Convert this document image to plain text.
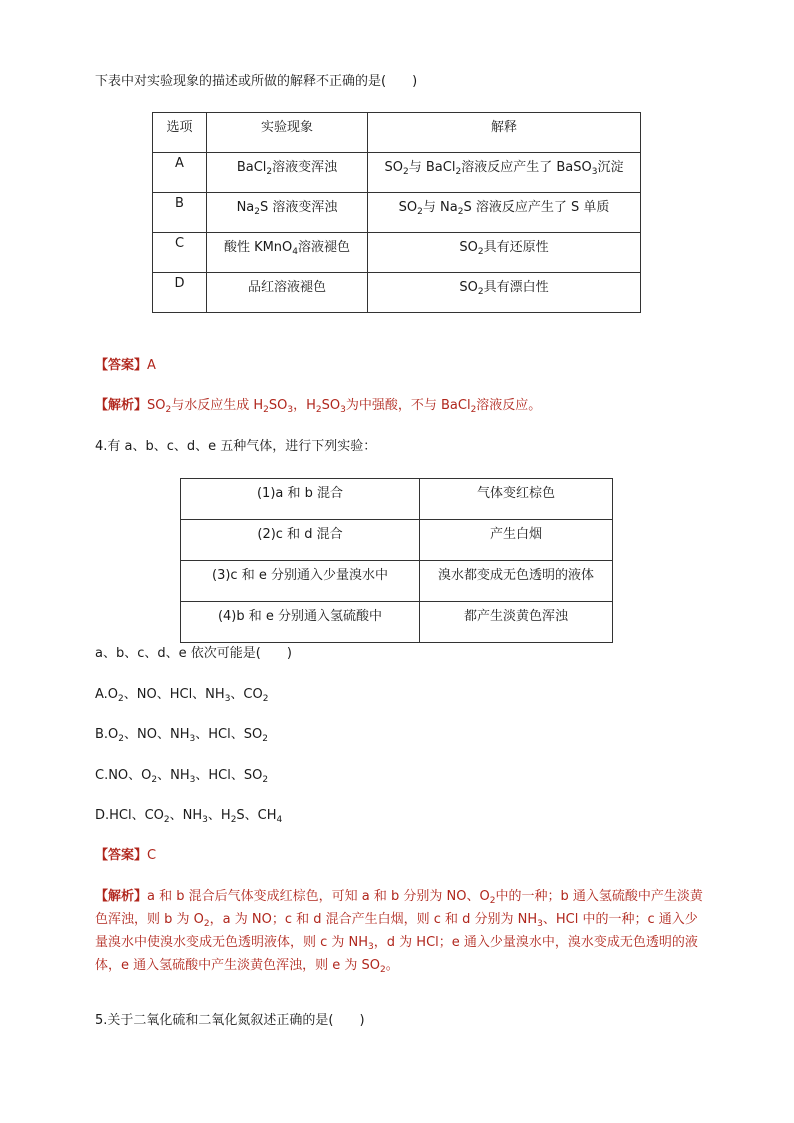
下表中对实验现象的描述或所做的解释不正确的是(　　)
选项	实验现象	解释
A	BaCl$_2$溶液变浑浊	$SO_2$与 BaCl$_2$溶液反应产生了 BaSO$_3$沉淀
B	$Na_2S$ 溶液变浑浊	$SO_2$与 $Na_2S$ 溶液反应产生了 S 单质
C	酸性 KMnO$_4$溶液褪色	$SO_2$具有还原性
D	品红溶液褪色	$SO_2$具有漂白性
【答案】A
【解析】$SO_2$与水反应生成 $H_2SO_3$，$H_2SO_3$为中强酸，不与 BaCl$_2$溶液反应。
4.有 a、b、c、d、e 五种气体，进行下列实验：
(1)a 和 b 混合	气体变红棕色
(2)c 和 d 混合	产生白烟
(3)c 和 e 分别通入少量溴水中	溴水都变成无色透明的液体
(4)b 和 e 分别通入氢硫酸中	都产生淡黄色浑浊
a、b、c、d、e 依次可能是(　　)
$A.O_2$、NO、HCl、$NH_3$、$CO_2$
$B.O_2$、NO、$NH_3$、HCl、$SO_2$
C.NO、$O_2$、$NH_3$、HCl、$SO_2$
D.HCl、$CO_2$、$NH_3$、$H_2S$、$CH_4$
【答案】C
【解析】a 和 b 混合后气体变成红棕色，可知 a 和 b 分别为 NO、$O_2$中的一种；b 通入氢硫酸中产生淡黄色浑浊，则 b 为 $O_2$，a 为 NO；c 和 d 混合产生白烟，则 c 和 d 分别为 $NH_3$、HCl 中的一种；c 通入少量溴水中使溴水变成无色透明液体，则 c 为 $NH_3$，d 为 HCl；e 通入少量溴水中，溴水变成无色透明的液体，e 通入氢硫酸中产生淡黄色浑浊，则 e 为 $SO_2$。
5.关于二氧化硫和二氧化氮叙述正确的是(　　)
